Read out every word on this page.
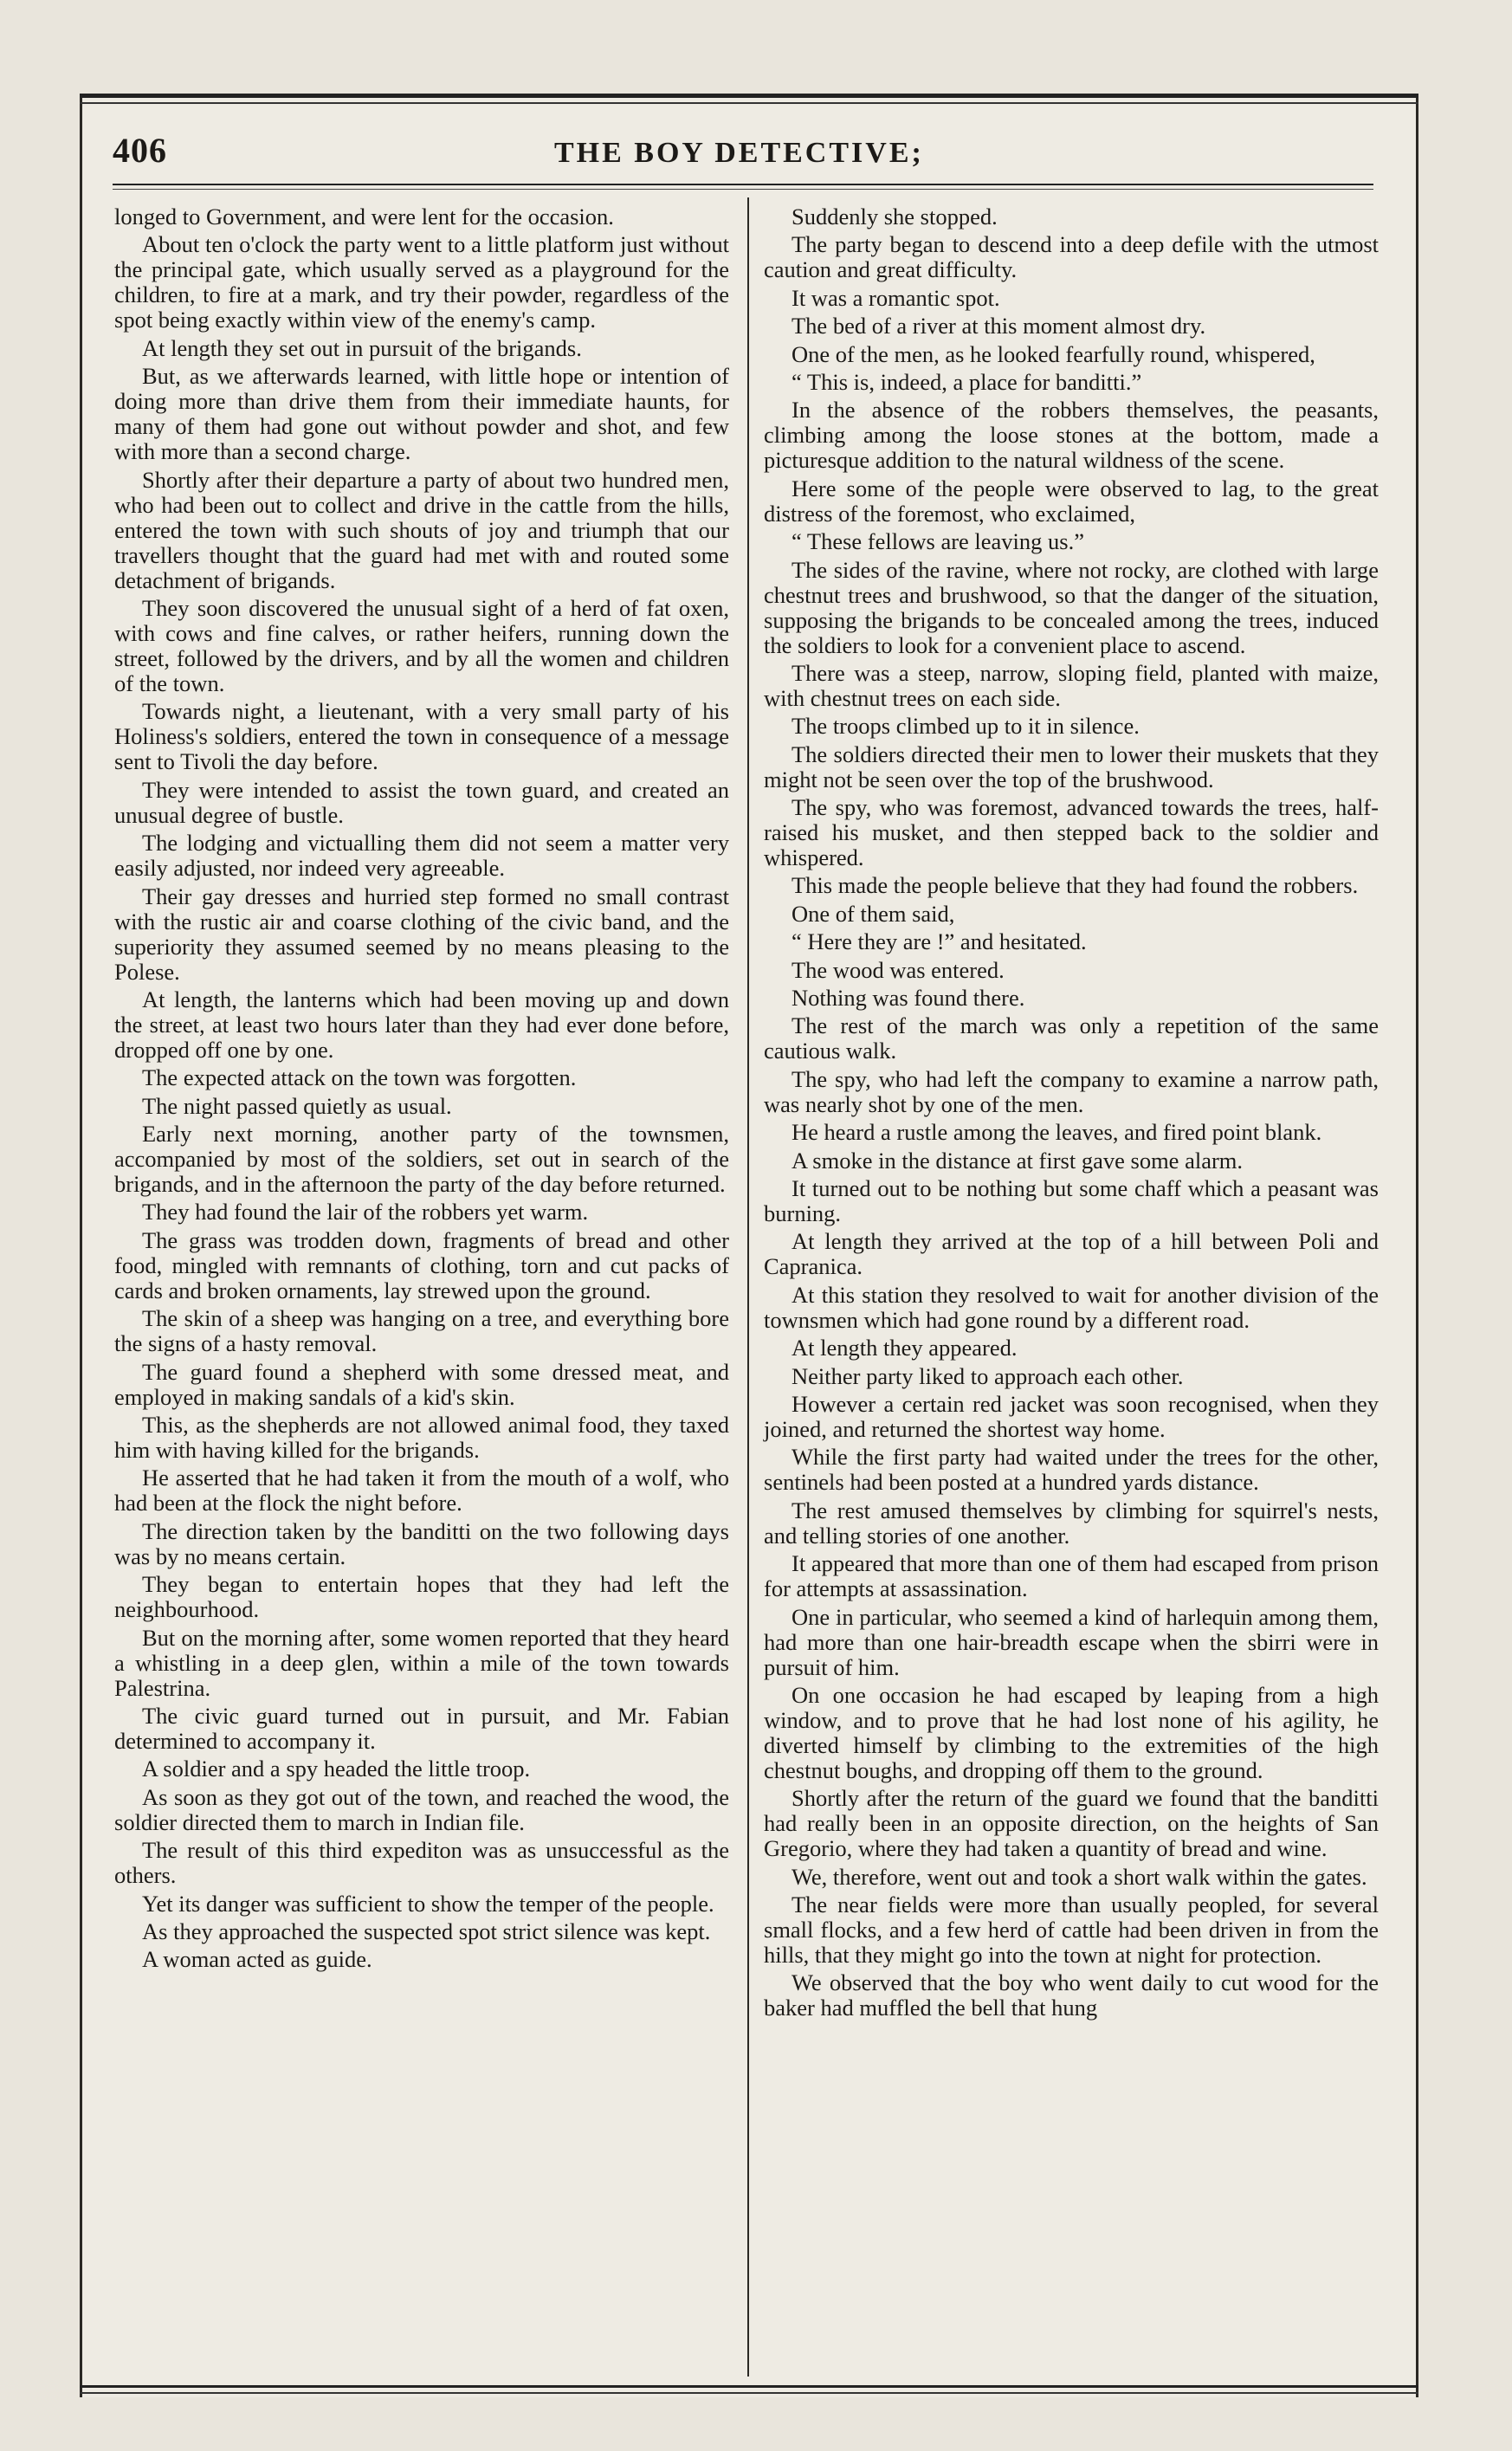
406	THE BOY DETECTIVE;

longed to Government, and were lent for the occasion.

About ten o'clock the party went to a little platform just without the principal gate, which usually served as a playground for the children, to fire at a mark, and try their powder, regardless of the spot being exactly within view of the enemy's camp.

At length they set out in pursuit of the brigands.

But, as we afterwards learned, with little hope or intention of doing more than drive them from their immediate haunts, for many of them had gone out without powder and shot, and few with more than a second charge.

Shortly after their departure a party of about two hundred men, who had been out to collect and drive in the cattle from the hills, entered the town with such shouts of joy and triumph that our travellers thought that the guard had met with and routed some detachment of brigands.

They soon discovered the unusual sight of a herd of fat oxen, with cows and fine calves, or rather heifers, running down the street, followed by the drivers, and by all the women and children of the town.

Towards night, a lieutenant, with a very small party of his Holiness's soldiers, entered the town in consequence of a message sent to Tivoli the day before.

They were intended to assist the town guard, and created an unusual degree of bustle.

The lodging and victualling them did not seem a matter very easily adjusted, nor indeed very agreeable.

Their gay dresses and hurried step formed no small contrast with the rustic air and coarse clothing of the civic band, and the superiority they assumed seemed by no means pleasing to the Polese.

At length, the lanterns which had been moving up and down the street, at least two hours later than they had ever done before, dropped off one by one.

The expected attack on the town was forgotten.

The night passed quietly as usual.

Early next morning, another party of the townsmen, accompanied by most of the soldiers, set out in search of the brigands, and in the afternoon the party of the day before returned.

They had found the lair of the robbers yet warm.

The grass was trodden down, fragments of bread and other food, mingled with remnants of clothing, torn and cut packs of cards and broken ornaments, lay strewed upon the ground.

The skin of a sheep was hanging on a tree, and everything bore the signs of a hasty removal.

The guard found a shepherd with some dressed meat, and employed in making sandals of a kid's skin.

This, as the shepherds are not allowed animal food, they taxed him with having killed for the brigands.

He asserted that he had taken it from the mouth of a wolf, who had been at the flock the night before.

The direction taken by the banditti on the two following days was by no means certain.

They began to entertain hopes that they had left the neighbourhood.

But on the morning after, some women reported that they heard a whistling in a deep glen, within a mile of the town towards Palestrina.

The civic guard turned out in pursuit, and Mr. Fabian determined to accompany it.

A soldier and a spy headed the little troop.

As soon as they got out of the town, and reached the wood, the soldier directed them to march in Indian file.

The result of this third expediton was as unsuccessful as the others.

Yet its danger was sufficient to show the temper of the people.

As they approached the suspected spot strict silence was kept.

A woman acted as guide.

Suddenly she stopped.

The party began to descend into a deep defile with the utmost caution and great difficulty.

It was a romantic spot.

The bed of a river at this moment almost dry.

One of the men, as he looked fearfully round, whispered,

“ This is, indeed, a place for banditti.”

In the absence of the robbers themselves, the peasants, climbing among the loose stones at the bottom, made a picturesque addition to the natural wildness of the scene.

Here some of the people were observed to lag, to the great distress of the foremost, who exclaimed,

“ These fellows are leaving us.”

The sides of the ravine, where not rocky, are clothed with large chestnut trees and brushwood, so that the danger of the situation, supposing the brigands to be concealed among the trees, induced the soldiers to look for a convenient place to ascend.

There was a steep, narrow, sloping field, planted with maize, with chestnut trees on each side.

The troops climbed up to it in silence.

The soldiers directed their men to lower their muskets that they might not be seen over the top of the brushwood.

The spy, who was foremost, advanced towards the trees, half-raised his musket, and then stepped back to the soldier and whispered.

This made the people believe that they had found the robbers.

One of them said,

“ Here they are !” and hesitated.

The wood was entered.

Nothing was found there.

The rest of the march was only a repetition of the same cautious walk.

The spy, who had left the company to examine a narrow path, was nearly shot by one of the men.

He heard a rustle among the leaves, and fired point blank.

A smoke in the distance at first gave some alarm.

It turned out to be nothing but some chaff which a peasant was burning.

At length they arrived at the top of a hill between Poli and Capranica.

At this station they resolved to wait for another division of the townsmen which had gone round by a different road.

At length they appeared.

Neither party liked to approach each other.

However a certain red jacket was soon recognised, when they joined, and returned the shortest way home.

While the first party had waited under the trees for the other, sentinels had been posted at a hundred yards distance.

The rest amused themselves by climbing for squirrel's nests, and telling stories of one another.

It appeared that more than one of them had escaped from prison for attempts at assassination.

One in particular, who seemed a kind of harlequin among them, had more than one hair-breadth escape when the sbirri were in pursuit of him.

On one occasion he had escaped by leaping from a high window, and to prove that he had lost none of his agility, he diverted himself by climbing to the extremities of the high chestnut boughs, and dropping off them to the ground.

Shortly after the return of the guard we found that the banditti had really been in an opposite direction, on the heights of San Gregorio, where they had taken a quantity of bread and wine.

We, therefore, went out and took a short walk within the gates.

The near fields were more than usually peopled, for several small flocks, and a few herd of cattle had been driven in from the hills, that they might go into the town at night for protection.

We observed that the boy who went daily to cut wood for the baker had muffled the bell that hung
